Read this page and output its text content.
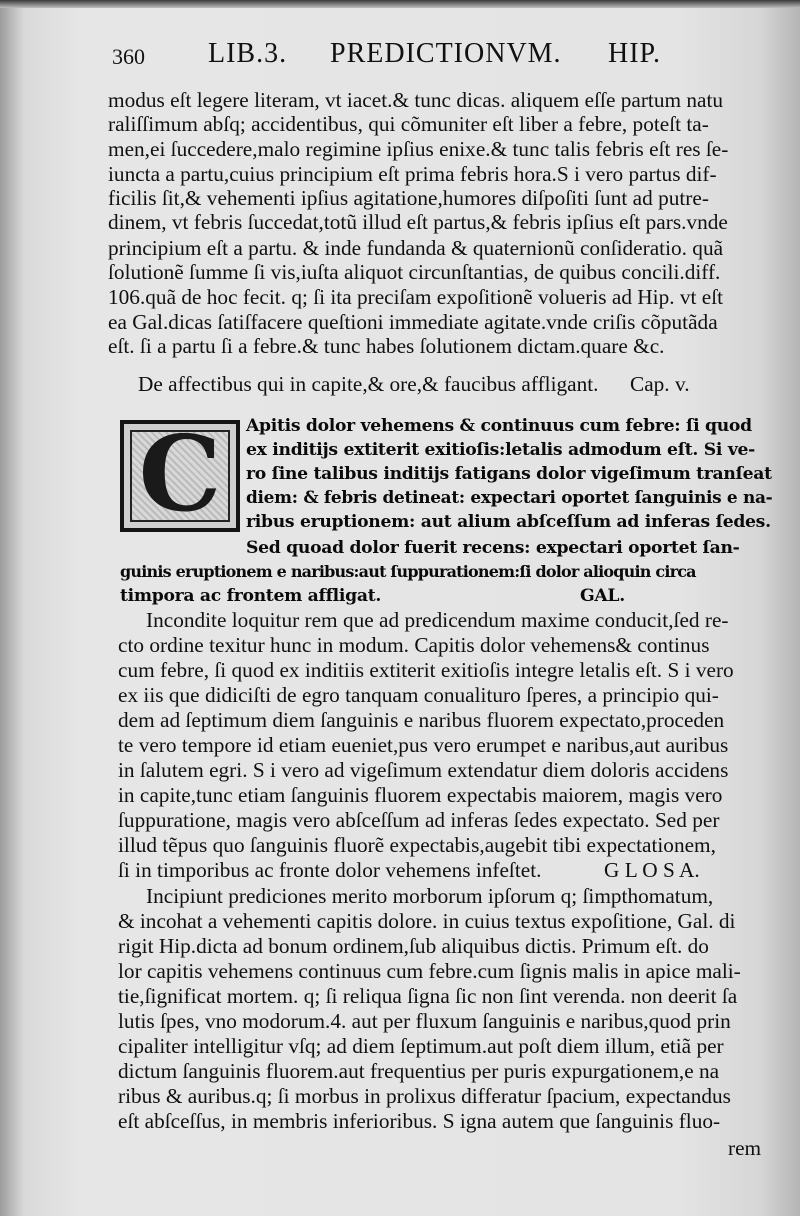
360 LIB.3. PREDICTIONVM. HIP.
modus eſt legere literam, vt iacet.& tunc dicas. aliquem eſſe partum natu
raliſſimum abſq; accidentibus, qui cõmuniter eſt liber a febre, poteſt ta-
men,ei ſuccedere,malo regimine ipſius enixe.& tunc talis febris eſt res ſe-
iuncta a partu,cuius principium eſt prima febris hora.S i vero partus dif-
ficilis ſit,& vehementi ipſius agitatione,humores diſpoſiti ſunt ad putre-
dinem, vt febris ſuccedat,totũ illud eſt partus,& febris ipſius eſt pars.vnde
principium eſt a partu. & inde fundanda & quaternionũ conſideratio. quã
ſolutionẽ ſumme ſi vis,iuſta aliquot circunſtantias, de quibus concili.diff.
106.quã de hoc fecit. q; ſi ita preciſam expoſitionẽ volueris ad Hip. vt eſt
ea Gal.dicas ſatiſfacere queſtioni immediate agitate.vnde criſis cõputãda
eſt. ſi a partu ſi a febre.& tunc habes ſolutionem dictam.quare &c.
De affectibus qui in capite,& ore,& faucibus affligant. Cap. v.
C	Apitis dolor vehemens & continuus cum febre: ſi quod
ex inditijs extiterit exitioſis:letalis admodum eſt. Si ve-
ro ſine talibus inditijs fatigans dolor vigeſimum tranſeat
diem: & febris detineat: expectari oportet ſanguinis e na-
ribus eruptionem: aut alium abſceſſum ad inferas ſedes.
Sed quoad dolor fuerit recens: expectari oportet ſan-
guinis eruptionem e naribus:aut ſuppurationem:ſi dolor alioquin circa
timpora ac frontem affligat.	GAL.
Incondite loquitur rem que ad predicendum maxime conducit,ſed re-
cto ordine texitur hunc in modum. Capitis dolor vehemens& continus
cum febre, ſi quod ex inditiis extiterit exitioſis integre letalis eſt. S i vero
ex iis que didiciſti de egro tanquam conualituro ſperes, a principio qui-
dem ad ſeptimum diem ſanguinis e naribus fluorem expectato,proceden
te vero tempore id etiam eueniet,pus vero erumpet e naribus,aut auribus
in ſalutem egri. S i vero ad vigeſimum extendatur diem doloris accidens
in capite,tunc etiam ſanguinis fluorem expectabis maiorem, magis vero
ſuppuratione, magis vero abſceſſum ad inferas ſedes expectato. Sed per
illud tẽpus quo ſanguinis fluorẽ expectabis,augebit tibi expectationem,
ſi in timporibus ac fronte dolor vehemens infeſtet.	G L O S A.
Incipiunt prediciones merito morborum ipſorum q; ſimpthomatum,
& incohat a vehementi capitis dolore. in cuius textus expoſitione, Gal. di
rigit Hip.dicta ad bonum ordinem,ſub aliquibus dictis. Primum eſt. do
lor capitis vehemens continuus cum febre.cum ſignis malis in apice mali-
tie,ſignificat mortem. q; ſi reliqua ſigna ſic non ſint verenda. non deerit ſa
lutis ſpes, vno modorum.4. aut per fluxum ſanguinis e naribus,quod prin
cipaliter intelligitur vſq; ad diem ſeptimum.aut poſt diem illum, etiã per
dictum ſanguinis fluorem.aut frequentius per puris expurgationem,e na
ribus & auribus.q; ſi morbus in prolixus differatur ſpacium, expectandus
eſt abſceſſus, in membris inferioribus. S igna autem que ſanguinis fluo-
rem
